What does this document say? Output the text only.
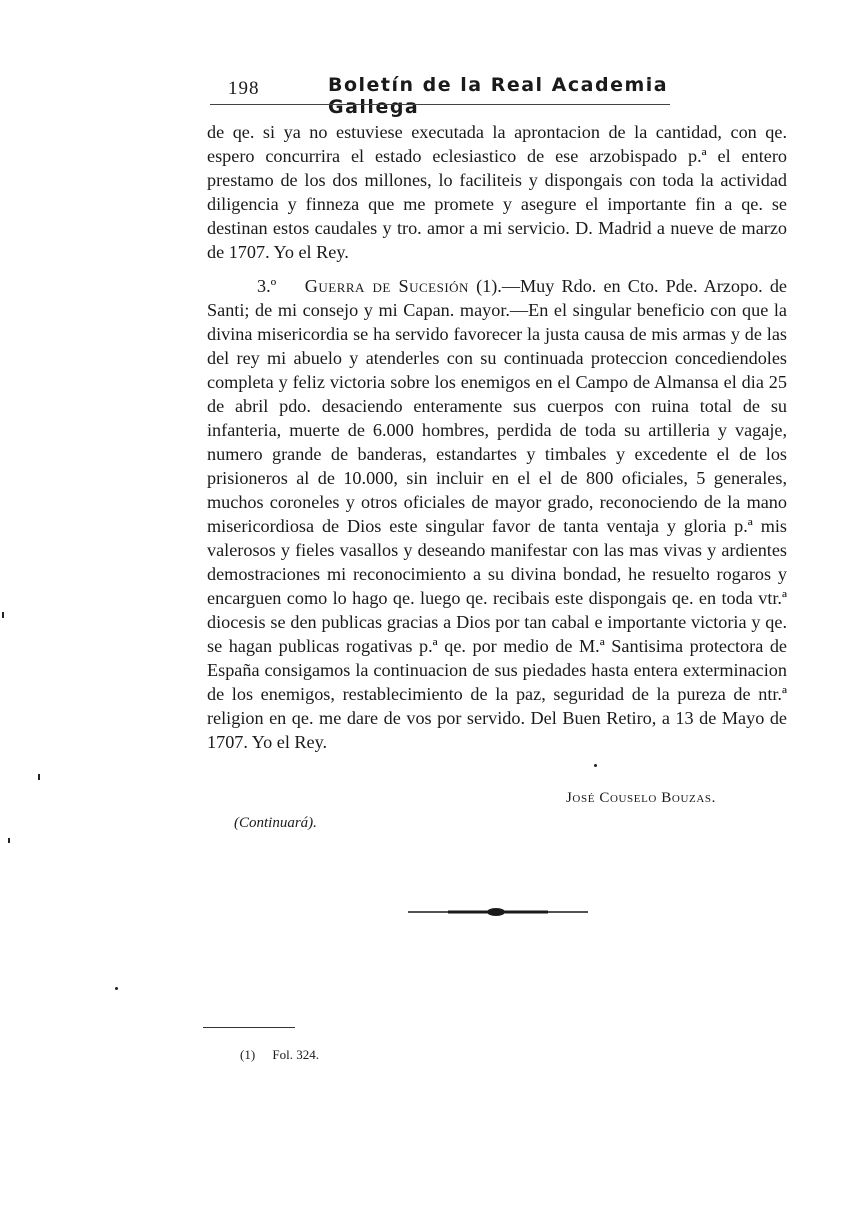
198	Boletín de la Real Academia Gallega

de qe. si ya no estuviese executada la aprontacion de la cantidad, con qe. espero concurrira el estado eclesiastico de ese arzobispado p.ª el entero prestamo de los dos millones, lo faciliteis y dispongais con toda la actividad diligencia y finneza que me promete y asegure el importante fin a qe. se destinan estos caudales y tro. amor a mi servicio. D. Madrid a nueve de marzo de 1707. Yo el Rey.

3.º Guerra de Sucesión (1).—Muy Rdo. en Cto. Pde. Arzopo. de Santi; de mi consejo y mi Capan. mayor.—En el singular beneficio con que la divina misericordia se ha servido favorecer la justa causa de mis armas y de las del rey mi abuelo y atenderles con su continuada proteccion concediendoles completa y feliz victoria sobre los enemigos en el Campo de Almansa el dia 25 de abril pdo. desaciendo enteramente sus cuerpos con ruina total de su infanteria, muerte de 6.000 hombres, perdida de toda su artilleria y vagaje, numero grande de banderas, estandartes y timbales y excedente el de los prisioneros al de 10.000, sin incluir en el el de 800 oficiales, 5 generales, muchos coroneles y otros oficiales de mayor grado, reconociendo de la mano misericordiosa de Dios este singular favor de tanta ventaja y gloria p.ª mis valerosos y fieles vasallos y deseando manifestar con las mas vivas y ardientes demostraciones mi reconocimiento a su divina bondad, he resuelto rogaros y encarguen como lo hago qe. luego qe. recibais este dispongais qe. en toda vtr.ª diocesis se den publicas gracias a Dios por tan cabal e importante victoria y qe. se hagan publicas rogativas p.ª qe. por medio de M.ª Santisima protectora de España consigamos la continuacion de sus piedades hasta entera exterminacion de los enemigos, restablecimiento de la paz, seguridad de la pureza de ntr.ª religion en qe. me dare de vos por servido. Del Buen Retiro, a 13 de Mayo de 1707. Yo el Rey.

José Couselo Bouzas.
(Continuará).
(1) Fol. 324.
